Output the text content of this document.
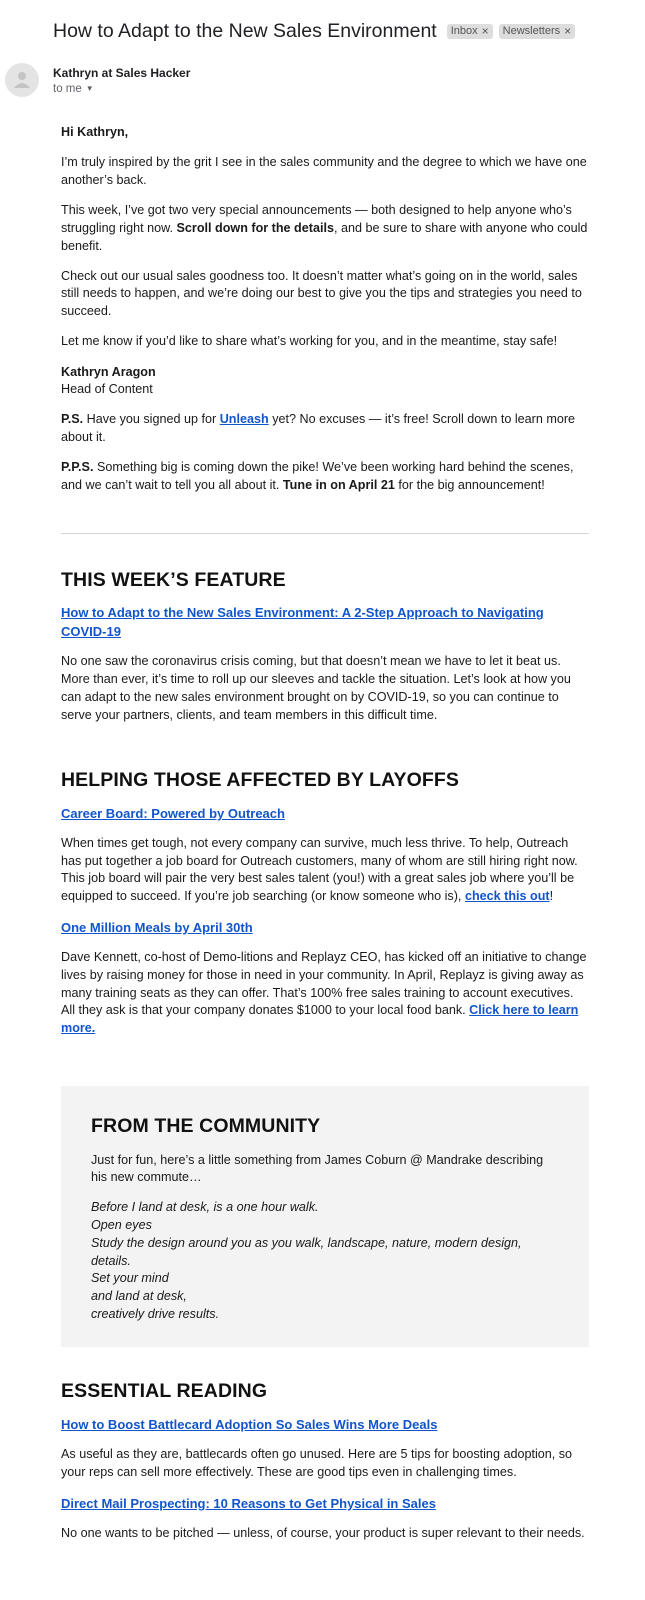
How to Adapt to the New Sales Environment Inbox × Newsletters ×
Kathryn at Sales Hacker
to me ▼

Hi Kathryn,

I’m truly inspired by the grit I see in the sales community and the degree to which we have one another’s back.

This week, I’ve got two very special announcements — both designed to help anyone who’s struggling right now. Scroll down for the details, and be sure to share with anyone who could benefit.

Check out our usual sales goodness too. It doesn’t matter what’s going on in the world, sales still needs to happen, and we’re doing our best to give you the tips and strategies you need to succeed.

Let me know if you’d like to share what’s working for you, and in the meantime, stay safe!

Kathryn Aragon
Head of Content

P.S. Have you signed up for Unleash yet? No excuses — it’s free! Scroll down to learn more about it.

P.P.S. Something big is coming down the pike! We’ve been working hard behind the scenes, and we can’t wait to tell you all about it. Tune in on April 21 for the big announcement!

THIS WEEK’S FEATURE
How to Adapt to the New Sales Environment: A 2-Step Approach to Navigating COVID-19

No one saw the coronavirus crisis coming, but that doesn’t mean we have to let it beat us. More than ever, it’s time to roll up our sleeves and tackle the situation. Let’s look at how you can adapt to the new sales environment brought on by COVID-19, so you can continue to serve your partners, clients, and team members in this difficult time.

HELPING THOSE AFFECTED BY LAYOFFS
Career Board: Powered by Outreach

When times get tough, not every company can survive, much less thrive. To help, Outreach has put together a job board for Outreach customers, many of whom are still hiring right now. This job board will pair the very best sales talent (you!) with a great sales job where you’ll be equipped to succeed. If you’re job searching (or know someone who is), check this out!

One Million Meals by April 30th

Dave Kennett, co-host of Demo-litions and Replayz CEO, has kicked off an initiative to change lives by raising money for those in need in your community. In April, Replayz is giving away as many training seats as they can offer. That’s 100% free sales training to account executives. All they ask is that your company donates $1000 to your local food bank. Click here to learn more.

FROM THE COMMUNITY

Just for fun, here’s a little something from James Coburn @ Mandrake describing his new commute…

Before I land at desk, is a one hour walk.

Open eyes

Study the design around you as you walk, landscape, nature, modern design, details.

Set your mind

and land at desk,

creatively drive results.

ESSENTIAL READING
How to Boost Battlecard Adoption So Sales Wins More Deals

As useful as they are, battlecards often go unused. Here are 5 tips for boosting adoption, so your reps can sell more effectively. These are good tips even in challenging times.

Direct Mail Prospecting: 10 Reasons to Get Physical in Sales

No one wants to be pitched — unless, of course, your product is super relevant to their needs.
